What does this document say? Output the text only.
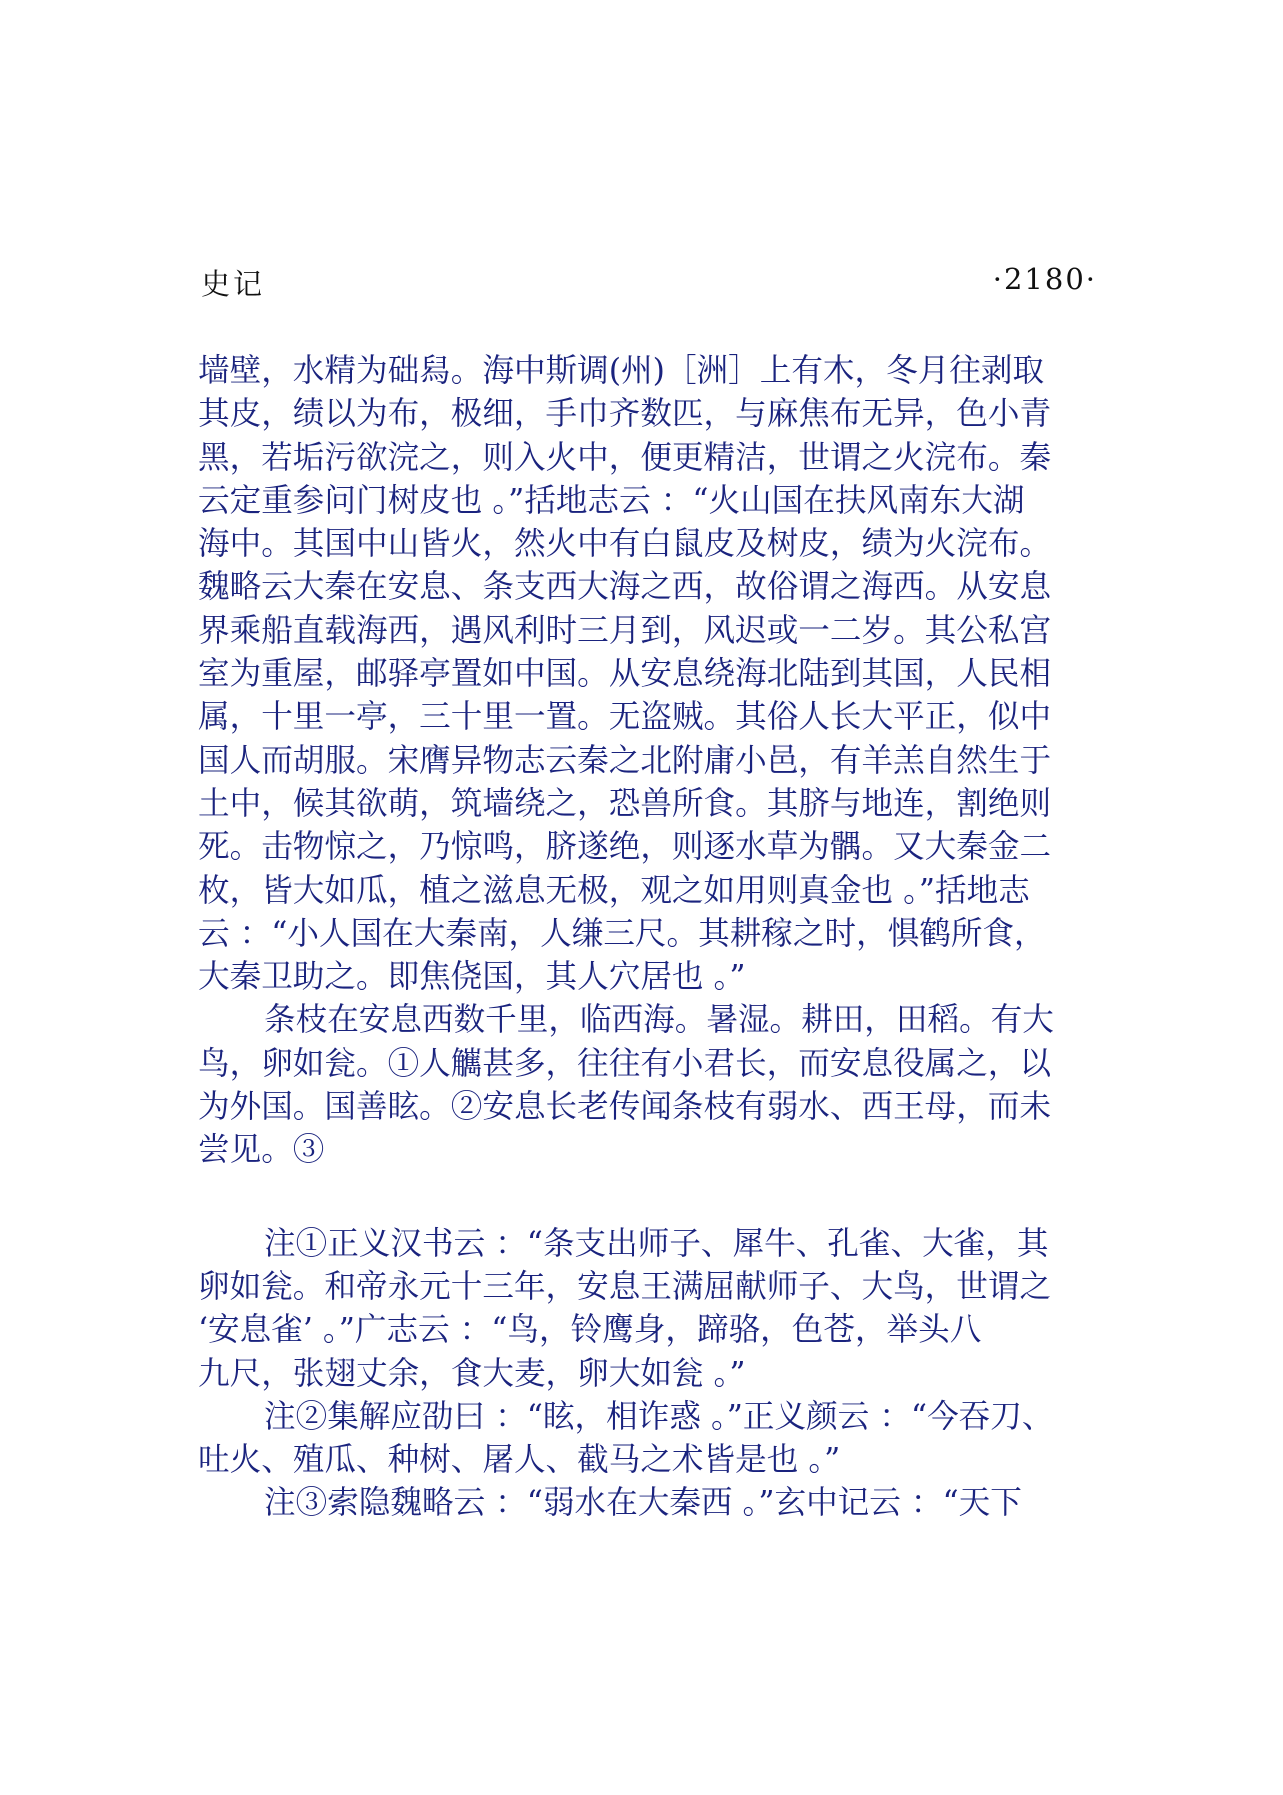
史记	·2180·
墙壁，水精为础舄。海中斯调(州)［洲］上有木，冬月往剥取
其皮，绩以为布，极细，手巾齐数匹，与麻焦布无异，色小青
黑，若垢污欲浣之，则入火中，便更精洁，世谓之火浣布。秦
云定重参问门树皮也 。”括地志云 ：“火山国在扶风南东大湖
海中。其国中山皆火，然火中有白鼠皮及树皮，绩为火浣布。
魏略云大秦在安息、条支西大海之西，故俗谓之海西。从安息
界乘船直载海西，遇风利时三月到，风迟或一二岁。其公私宫
室为重屋，邮驿亭置如中国。从安息绕海北陆到其国，人民相
属，十里一亭，三十里一置。无盗贼。其俗人长大平正，似中
国人而胡服。宋膺异物志云秦之北附庸小邑，有羊羔自然生于
土中，候其欲萌，筑墙绕之，恐兽所食。其脐与地连，割绝则
死。击物惊之，乃惊鸣，脐遂绝，则逐水草为髃。又大秦金二
枚，皆大如瓜，植之滋息无极，观之如用则真金也 。”括地志
云 ：“小人国在大秦南，人缣三尺。其耕稼之时，惧鹤所食，
大秦卫助之。即焦侥国，其人穴居也 。”
条枝在安息西数千里，临西海。暑湿。耕田，田稻。有大
鸟，卵如瓮。①人觽甚多，往往有小君长，而安息役属之，以
为外国。国善眩。②安息长老传闻条枝有弱水、西王母，而未
尝见。③
注①正义汉书云 ：“条支出师子、犀牛、孔雀、大雀，其
卵如瓮。和帝永元十三年，安息王满屈献师子、大鸟，世谓之
‘安息雀’ 。”广志云 ：“鸟，铃鹰身，蹄骆，色苍，举头八
九尺，张翅丈余，食大麦，卵大如瓮 。”
注②集解应劭曰 ：“眩，相诈惑 。”正义颜云 ：“今吞刀、
吐火、殖瓜、种树、屠人、截马之术皆是也 。”
注③索隐魏略云 ：“弱水在大秦西 。”玄中记云 ：“天下
